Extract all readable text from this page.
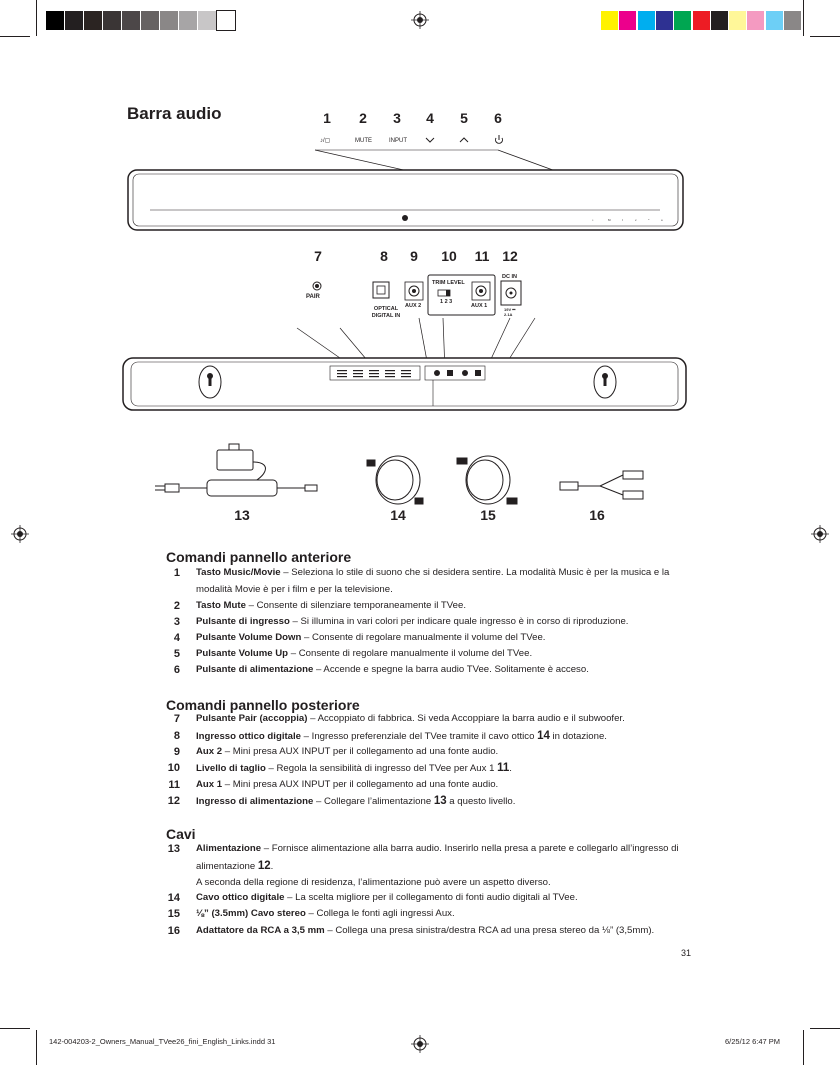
Barra audio	1	2	3	4	5	6
♪/▢	MUTE	INPUT
♪	M	I	v	^	o
7	8	9	10	11 12
PAIR
OPTICAL
DIGITAL IN
AUX 2
TRIM LEVEL
1 2 3
AUX 1
DC IN
19V ⎓
2.1A
13	14	15	16
Comandi pannello anteriore
1 Tasto Music/Movie – Seleziona lo stile di suono che si desidera sentire. La modalità Music è per la musica e la
modalità Movie è per i film e per la televisione.
2 Tasto Mute – Consente di silenziare temporaneamente il TVee.
3 Pulsante di ingresso – Si illumina in vari colori per indicare quale ingresso è in corso di riproduzione.
4 Pulsante Volume Down – Consente di regolare manualmente il volume del TVee.
5 Pulsante Volume Up – Consente di regolare manualmente il volume del TVee.
6 Pulsante di alimentazione – Accende e spegne la barra audio TVee. Solitamente è acceso.
Comandi pannello posteriore
7 Pulsante Pair (accoppia) – Accoppiato di fabbrica. Si veda Accoppiare la barra audio e il subwoofer.
8 Ingresso ottico digitale – Ingresso preferenziale del TVee tramite il cavo ottico 14 in dotazione.
9 Aux 2 – Mini presa AUX INPUT per il collegamento ad una fonte audio.
10 Livello di taglio – Regola la sensibilità di ingresso del TVee per Aux 1 11.
11 Aux 1 – Mini presa AUX INPUT per il collegamento ad una fonte audio.
12 Ingresso di alimentazione – Collegare l’alimentazione 13 a questo livello.
Cavi
13 Alimentazione – Fornisce alimentazione alla barra audio. Inserirlo nella presa a parete e collegarlo all’ingresso di
alimentazione 12.
A seconda della regione di residenza, l’alimentazione può avere un aspetto diverso.
14 Cavo ottico digitale – La scelta migliore per il collegamento di fonti audio digitali al TVee.
15 ⅛” (3.5mm) Cavo stereo – Collega le fonti agli ingressi Aux.
16 Adattatore da RCA a 3,5 mm – Collega una presa sinistra/destra RCA ad una presa stereo da ⅛” (3,5mm).
31
142-004203-2_Owners_Manual_TVee26_fini_English_Links.indd 31	6/25/12 6:47 PM
